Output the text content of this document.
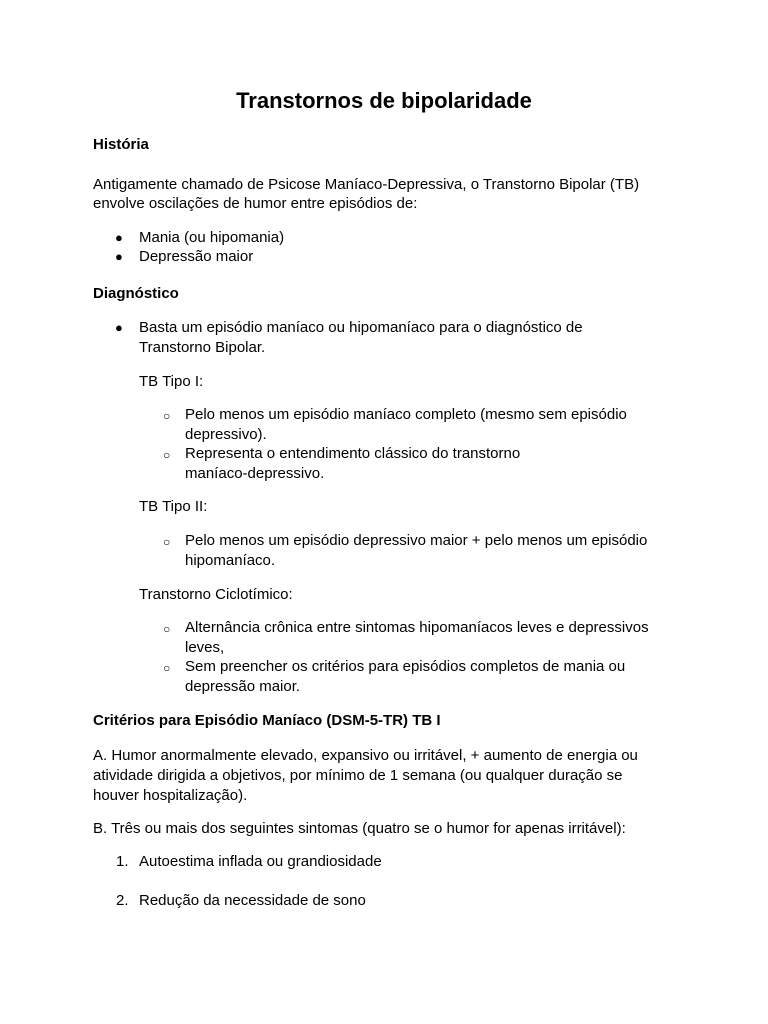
Transtornos de bipolaridade
História
Antigamente chamado de Psicose Maníaco-Depressiva, o Transtorno Bipolar (TB)
envolve oscilações de humor entre episódios de:
● Mania (ou hipomania)
● Depressão maior
Diagnóstico
● Basta um episódio maníaco ou hipomaníaco para o diagnóstico de
Transtorno Bipolar.
TB Tipo I:
○ Pelo menos um episódio maníaco completo (mesmo sem episódio
depressivo).
○ Representa o entendimento clássico do transtorno
maníaco-depressivo.
TB Tipo II:
○ Pelo menos um episódio depressivo maior + pelo menos um episódio
hipomaníaco.
Transtorno Ciclotímico:
○ Alternância crônica entre sintomas hipomaníacos leves e depressivos
leves,
○ Sem preencher os critérios para episódios completos de mania ou
depressão maior.
Critérios para Episódio Maníaco (DSM-5-TR) TB I
A. Humor anormalmente elevado, expansivo ou irritável, + aumento de energia ou
atividade dirigida a objetivos, por mínimo de 1 semana (ou qualquer duração se
houver hospitalização).
B. Três ou mais dos seguintes sintomas (quatro se o humor for apenas irritável):
1. Autoestima inflada ou grandiosidade
2. Redução da necessidade de sono
